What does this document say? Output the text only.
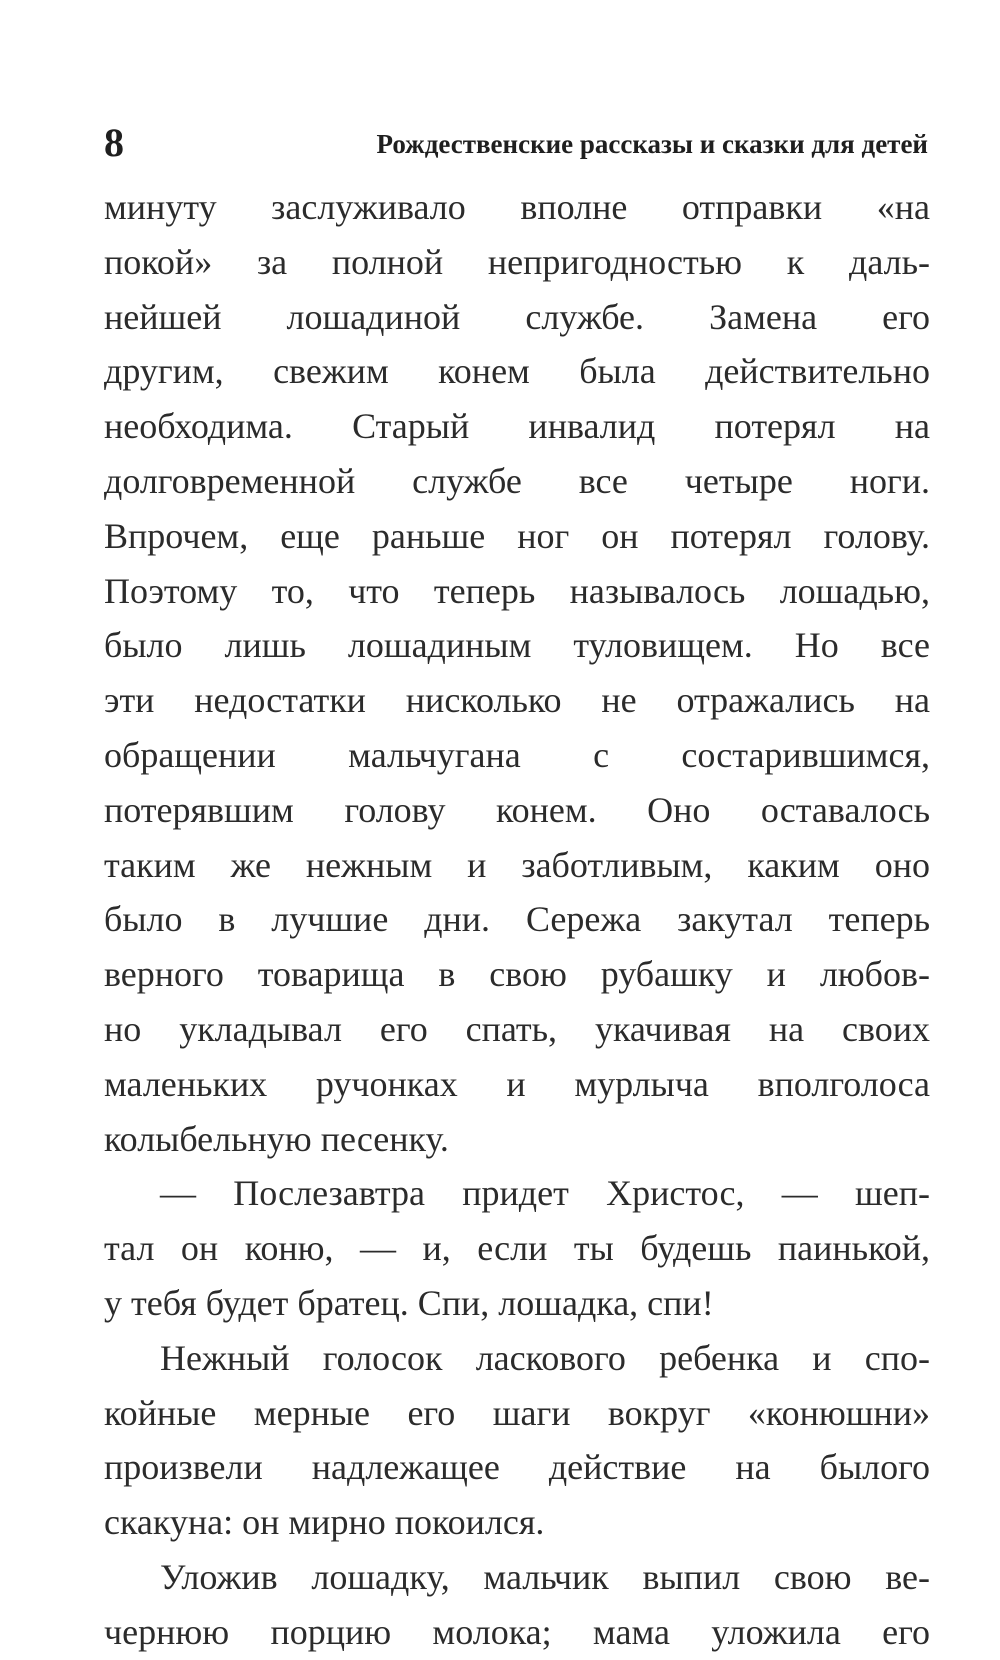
8	Рождественские рассказы и сказки для детей
минуту заслуживало вполне отправки «на
покой» за полной непригодностью к даль-
нейшей лошадиной службе. Замена его
другим, свежим конем была действительно
необходима. Старый инвалид потерял на
долговременной службе все четыре ноги.
Впрочем, еще раньше ног он потерял голову.
Поэтому то, что теперь называлось лошадью,
было лишь лошадиным туловищем. Но все
эти недостатки нисколько не отражались на
обращении мальчугана с состарившимся,
потерявшим голову конем. Оно оставалось
таким же нежным и заботливым, каким оно
было в лучшие дни. Сережа закутал теперь
верного товарища в свою рубашку и любов-
но укладывал его спать, укачивая на своих
маленьких ручонках и мурлыча вполголоса
колыбельную песенку.
— Послезавтра придет Христос, — шеп-
тал он коню, — и, если ты будешь паинькой,
у тебя будет братец. Спи, лошадка, спи!
Нежный голосок ласкового ребенка и спо-
койные мерные его шаги вокруг «конюшни»
произвели надлежащее действие на былого
скакуна: он мирно покоился.
Уложив лошадку, мальчик выпил свою ве-
чернюю порцию молока; мама уложила его
